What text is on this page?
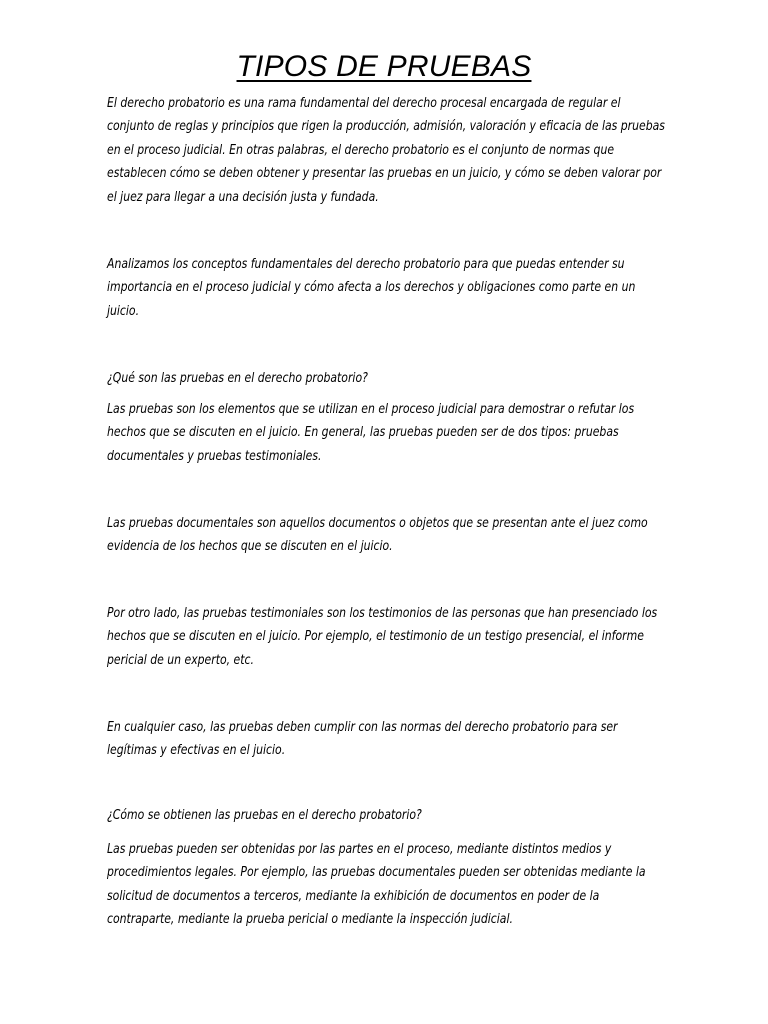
TIPOS DE PRUEBAS

El derecho probatorio es una rama fundamental del derecho procesal encargada de regular el conjunto de reglas y principios que rigen la producción, admisión, valoración y eficacia de las pruebas en el proceso judicial. En otras palabras, el derecho probatorio es el conjunto de normas que establecen cómo se deben obtener y presentar las pruebas en un juicio, y cómo se deben valorar por el juez para llegar a una decisión justa y fundada.

Analizamos los conceptos fundamentales del derecho probatorio para que puedas entender su importancia en el proceso judicial y cómo afecta a los derechos y obligaciones como parte en un juicio.

¿Qué son las pruebas en el derecho probatorio?

Las pruebas son los elementos que se utilizan en el proceso judicial para demostrar o refutar los hechos que se discuten en el juicio. En general, las pruebas pueden ser de dos tipos: pruebas documentales y pruebas testimoniales.

Las pruebas documentales son aquellos documentos o objetos que se presentan ante el juez como evidencia de los hechos que se discuten en el juicio.

Por otro lado, las pruebas testimoniales son los testimonios de las personas que han presenciado los hechos que se discuten en el juicio. Por ejemplo, el testimonio de un testigo presencial, el informe pericial de un experto, etc.

En cualquier caso, las pruebas deben cumplir con las normas del derecho probatorio para ser legítimas y efectivas en el juicio.

¿Cómo se obtienen las pruebas en el derecho probatorio?

Las pruebas pueden ser obtenidas por las partes en el proceso, mediante distintos medios y procedimientos legales. Por ejemplo, las pruebas documentales pueden ser obtenidas mediante la solicitud de documentos a terceros, mediante la exhibición de documentos en poder de la contraparte, mediante la prueba pericial o mediante la inspección judicial.
